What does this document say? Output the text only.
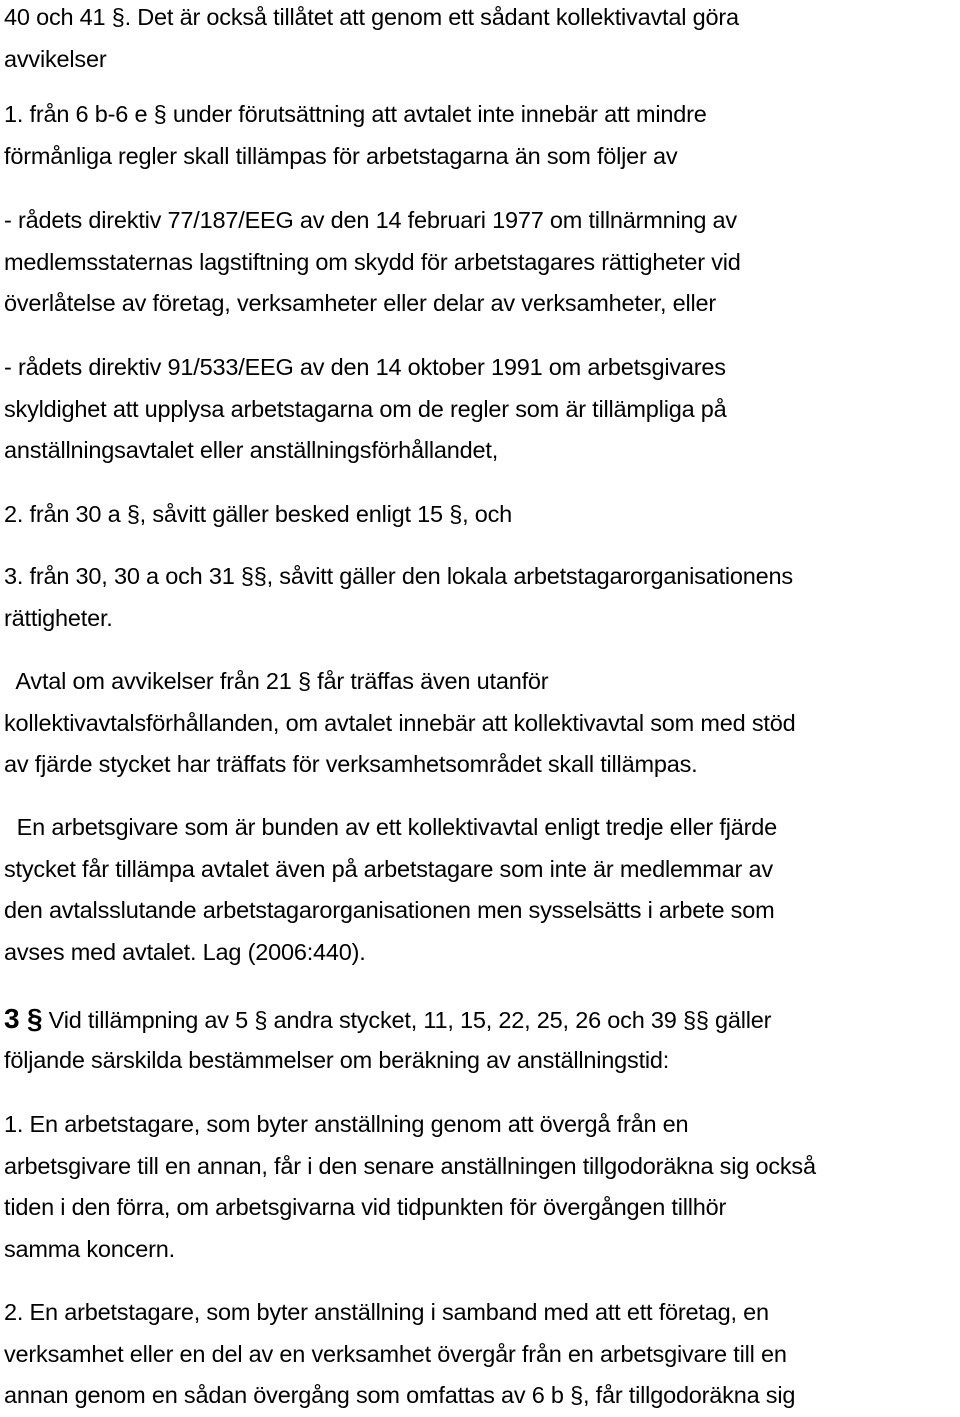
40 och 41 §. Det är också tillåtet att genom ett sådant kollektivavtal göra
avvikelser

1. från 6 b-6 e § under förutsättning att avtalet inte innebär att mindre
förmånliga regler skall tillämpas för arbetstagarna än som följer av

- rådets direktiv 77/187/EEG av den 14 februari 1977 om tillnärmning av
medlemsstaternas lagstiftning om skydd för arbetstagares rättigheter vid
överlåtelse av företag, verksamheter eller delar av verksamheter, eller

- rådets direktiv 91/533/EEG av den 14 oktober 1991 om arbetsgivares
skyldighet att upplysa arbetstagarna om de regler som är tillämpliga på
anställningsavtalet eller anställningsförhållandet,

2. från 30 a §, såvitt gäller besked enligt 15 §, och

3. från 30, 30 a och 31 §§, såvitt gäller den lokala arbetstagarorganisationens
rättigheter.

Avtal om avvikelser från 21 § får träffas även utanför
kollektivavtalsförhållanden, om avtalet innebär att kollektivavtal som med stöd
av fjärde stycket har träffats för verksamhetsområdet skall tillämpas.

En arbetsgivare som är bunden av ett kollektivavtal enligt tredje eller fjärde
stycket får tillämpa avtalet även på arbetstagare som inte är medlemmar av
den avtalsslutande arbetstagarorganisationen men sysselsätts i arbete som
avses med avtalet. Lag (2006:440).

3 § Vid tillämpning av 5 § andra stycket, 11, 15, 22, 25, 26 och 39 §§ gäller
följande särskilda bestämmelser om beräkning av anställningstid:

1. En arbetstagare, som byter anställning genom att övergå från en
arbetsgivare till en annan, får i den senare anställningen tillgodoräkna sig också
tiden i den förra, om arbetsgivarna vid tidpunkten för övergången tillhör
samma koncern.

2. En arbetstagare, som byter anställning i samband med att ett företag, en
verksamhet eller en del av en verksamhet övergår från en arbetsgivare till en
annan genom en sådan övergång som omfattas av 6 b §, får tillgodoräkna sig
